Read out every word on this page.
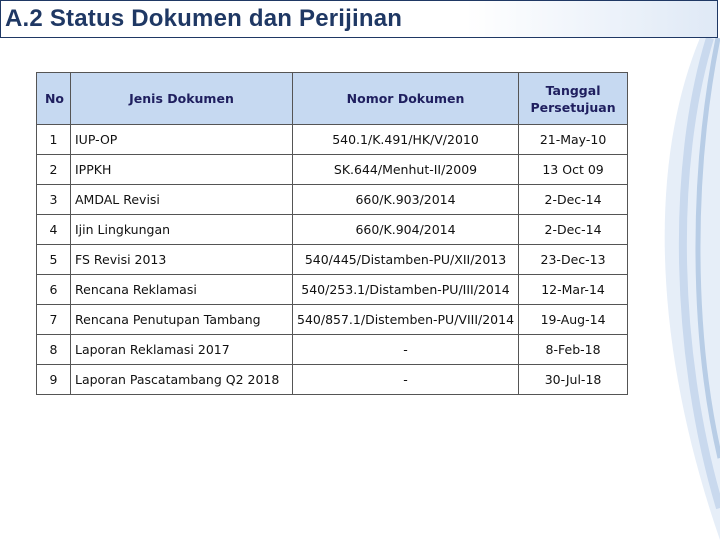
A.2 Status Dokumen dan Perijinan
No	Jenis Dokumen	Nomor Dokumen	Tanggal Persetujuan
1	IUP-OP	540.1/K.491/HK/V/2010	21-May-10
2	IPPKH	SK.644/Menhut-II/2009	13 Oct 09
3	AMDAL Revisi	660/K.903/2014	2-Dec-14
4	Ijin Lingkungan	660/K.904/2014	2-Dec-14
5	FS Revisi 2013	540/445/Distamben-PU/XII/2013	23-Dec-13
6	Rencana Reklamasi	540/253.1/Distamben-PU/III/2014	12-Mar-14
7	Rencana Penutupan Tambang	540/857.1/Distemben-PU/VIII/2014	19-Aug-14
8	Laporan Reklamasi 2017	-	8-Feb-18
9	Laporan Pascatambang Q2 2018	-	30-Jul-18
